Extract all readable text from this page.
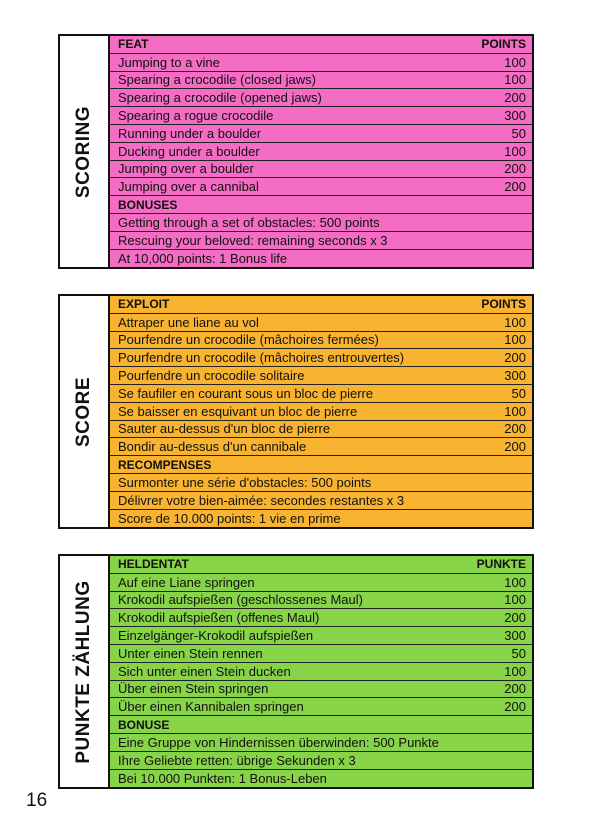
SCORING
FEAT	POINTS
Jumping to a vine	100
Spearing a crocodile (closed jaws)	100
Spearing a crocodile (opened jaws)	200
Spearing a rogue crocodile	300
Running under a boulder	50
Ducking under a boulder	100
Jumping over a boulder	200
Jumping over a cannibal	200
BONUSES
Getting through a set of obstacles: 500 points
Rescuing your beloved: remaining seconds x 3
At 10,000 points: 1 Bonus life
SCORE
EXPLOIT	POINTS
Attraper une liane au vol	100
Pourfendre un crocodile (mâchoires fermées)	100
Pourfendre un crocodile (mâchoires entrouvertes)	200
Pourfendre un crocodile solitaire	300
Se faufiler en courant sous un bloc de pierre	50
Se baisser en esquivant un bloc de pierre	100
Sauter au-dessus d'un bloc de pierre	200
Bondir au-dessus d'un cannibale	200
RECOMPENSES
Surmonter une série d'obstacles: 500 points
Délivrer votre bien-aimée: secondes restantes x 3
Score de 10.000 points: 1 vie en prime
PUNKTE ZÄHLUNG
HELDENTAT	PUNKTE
Auf eine Liane springen	100
Krokodil aufspießen (geschlossenes Maul)	100
Krokodil aufspießen (offenes Maul)	200
Einzelgänger-Krokodil aufspießen	300
Unter einen Stein rennen	50
Sich unter einen Stein ducken	100
Über einen Stein springen	200
Über einen Kannibalen springen	200
BONUSE
Eine Gruppe von Hindernissen überwinden: 500 Punkte
Ihre Geliebte retten: übrige Sekunden x 3
Bei 10.000 Punkten: 1 Bonus-Leben
16
